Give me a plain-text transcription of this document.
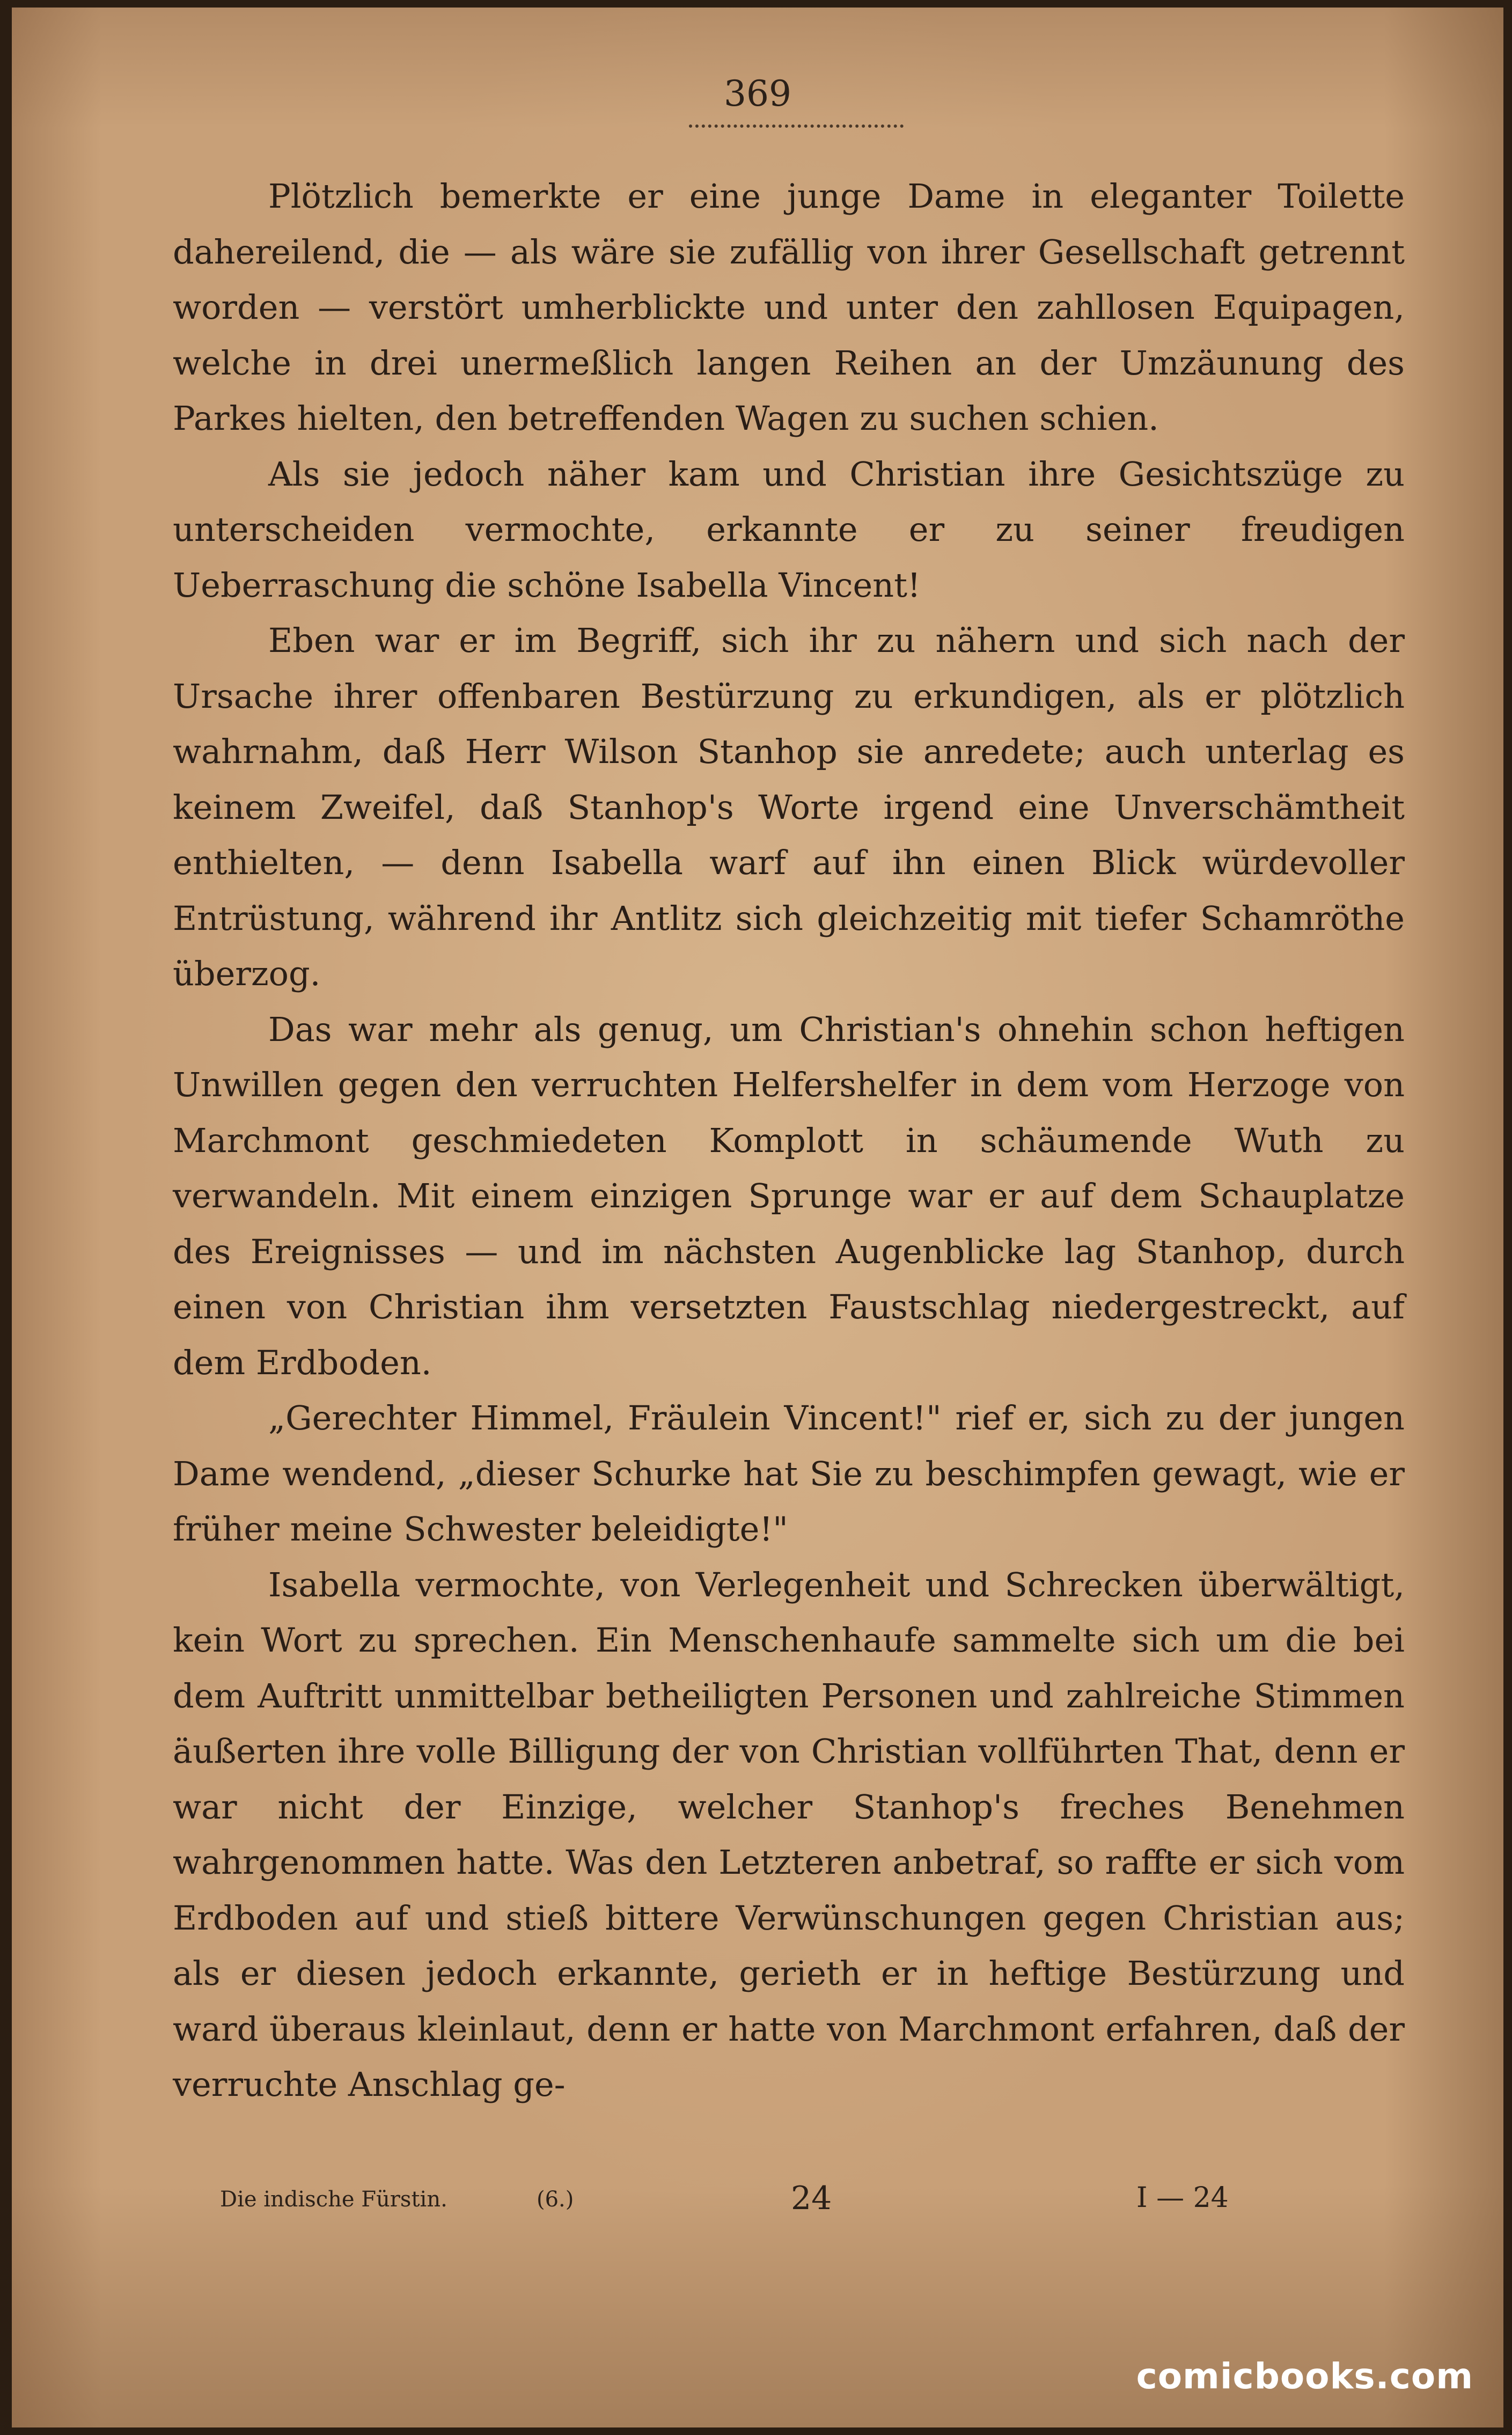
369

Plötzlich bemerkte er eine junge Dame in eleganter Toilette dahereilend, die — als wäre sie zufällig von ihrer Gesellschaft getrennt worden — verstört umherblickte und unter den zahllosen Equipagen, welche in drei unermeßlich langen Reihen an der Umzäunung des Parkes hielten, den betreffenden Wagen zu suchen schien.

Als sie jedoch näher kam und Christian ihre Gesichtszüge zu unterscheiden vermochte, erkannte er zu seiner freudigen Ueberraschung die schöne Isabella Vincent!

Eben war er im Begriff, sich ihr zu nähern und sich nach der Ursache ihrer offenbaren Bestürzung zu erkundigen, als er plötzlich wahrnahm, daß Herr Wilson Stanhop sie anredete; auch unterlag es keinem Zweifel, daß Stanhop's Worte irgend eine Unverschämtheit enthielten, — denn Isabella warf auf ihn einen Blick würdevoller Entrüstung, während ihr Antlitz sich gleichzeitig mit tiefer Schamröthe überzog.

Das war mehr als genug, um Christian's ohnehin schon heftigen Unwillen gegen den verruchten Helfershelfer in dem vom Herzoge von Marchmont geschmiedeten Komplott in schäumende Wuth zu verwandeln. Mit einem einzigen Sprunge war er auf dem Schauplatze des Ereignisses — und im nächsten Augenblicke lag Stanhop, durch einen von Christian ihm versetzten Faustschlag niedergestreckt, auf dem Erdboden.

„Gerechter Himmel, Fräulein Vincent!" rief er, sich zu der jungen Dame wendend, „dieser Schurke hat Sie zu beschimpfen gewagt, wie er früher meine Schwester beleidigte!"

Isabella vermochte, von Verlegenheit und Schrecken überwältigt, kein Wort zu sprechen. Ein Menschenhaufe sammelte sich um die bei dem Auftritt unmittelbar betheiligten Personen und zahlreiche Stimmen äußerten ihre volle Billigung der von Christian vollführten That, denn er war nicht der Einzige, welcher Stanhop's freches Benehmen wahrgenommen hatte. Was den Letzteren anbetraf, so raffte er sich vom Erdboden auf und stieß bittere Verwünschungen gegen Christian aus; als er diesen jedoch erkannte, gerieth er in heftige Bestürzung und ward überaus kleinlaut, denn er hatte von Marchmont erfahren, daß der verruchte Anschlag ge-

Die indische Fürstin.	(6.)	24	I — 24
comicbooks.com
